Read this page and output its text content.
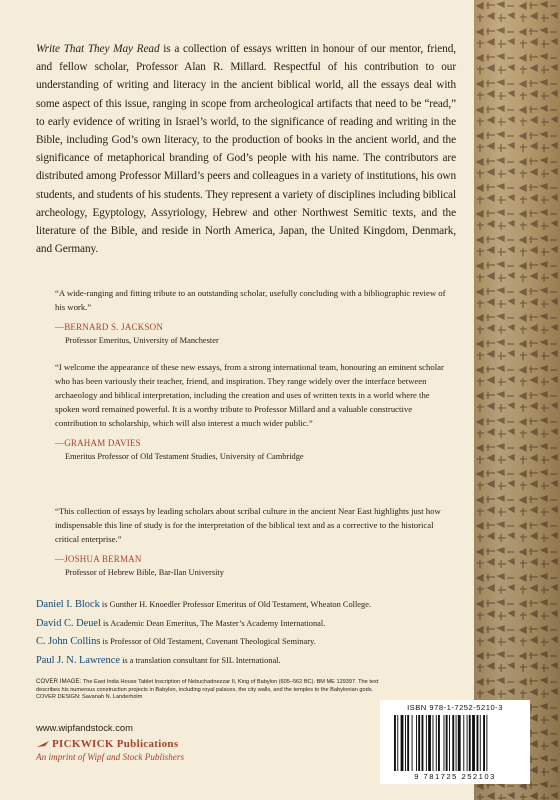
Write That They May Read is a collection of essays written in honour of our mentor, friend, and fellow scholar, Professor Alan R. Millard. Respectful of his contribution to our understanding of writing and literacy in the ancient biblical world, all the essays deal with some aspect of this issue, ranging in scope from archeological artifacts that need to be “read,” to early evidence of writing in Israel’s world, to the significance of reading and writing in the Bible, including God’s own literacy, to the production of books in the ancient world, and the significance of metaphorical branding of God’s people with his name. The contributors are distributed among Professor Millard’s peers and colleagues in a variety of institutions, his own students, and students of his students. They represent a variety of disciplines including biblical archeology, Egyptology, Assyriology, Hebrew and other Northwest Semitic texts, and the literature of the Bible, and reside in North America, Japan, the United Kingdom, Denmark, and Germany.

“A wide-ranging and fitting tribute to an outstanding scholar, usefully concluding with a bibliographic review of his work.”

—BERNARD S. JACKSON
Professor Emeritus, University of Manchester

“I welcome the appearance of these new essays, from a strong international team, honouring an eminent scholar who has been variously their teacher, friend, and inspiration. They range widely over the interface between archaeology and biblical interpretation, including the creation and uses of written texts in a world where the spoken word remained powerful. It is a worthy tribute to Professor Millard and a valuable constructive contribution to scholarship, which will also interest a much wider public.”

—GRAHAM DAVIES
Emeritus Professor of Old Testament Studies, University of Cambridge

“This collection of essays by leading scholars about scribal culture in the ancient Near East highlights just how indispensable this line of study is for the interpretation of the biblical text and as a corrective to the historical critical enterprise.”

—JOSHUA BERMAN
Professor of Hebrew Bible, Bar-Ilan University
Daniel I. Block is Gunther H. Knoedler Professor Emeritus of Old Testament, Wheaton College.
David C. Deuel is Academic Dean Emeritus, The Master’s Academy International.
C. John Collins is Professor of Old Testament, Covenant Theological Seminary.
Paul J. N. Lawrence is a translation consultant for SIL International.
COVER IMAGE: The East India House Tablet Inscription of Nebuchadnezzar II, King of Babylon (605–562 BC). BM ME 129397. The text describes his numerous construction projects in Babylon, including royal palaces, the city walls, and the temples to the Babylonian gods.
COVER DESIGN: Savanah N. Landerholm
www.wipfandstock.com
PICKWICK Publications
An imprint of Wipf and Stock Publishers
ISBN 978-1-7252-5210-3
9 781725 252103
